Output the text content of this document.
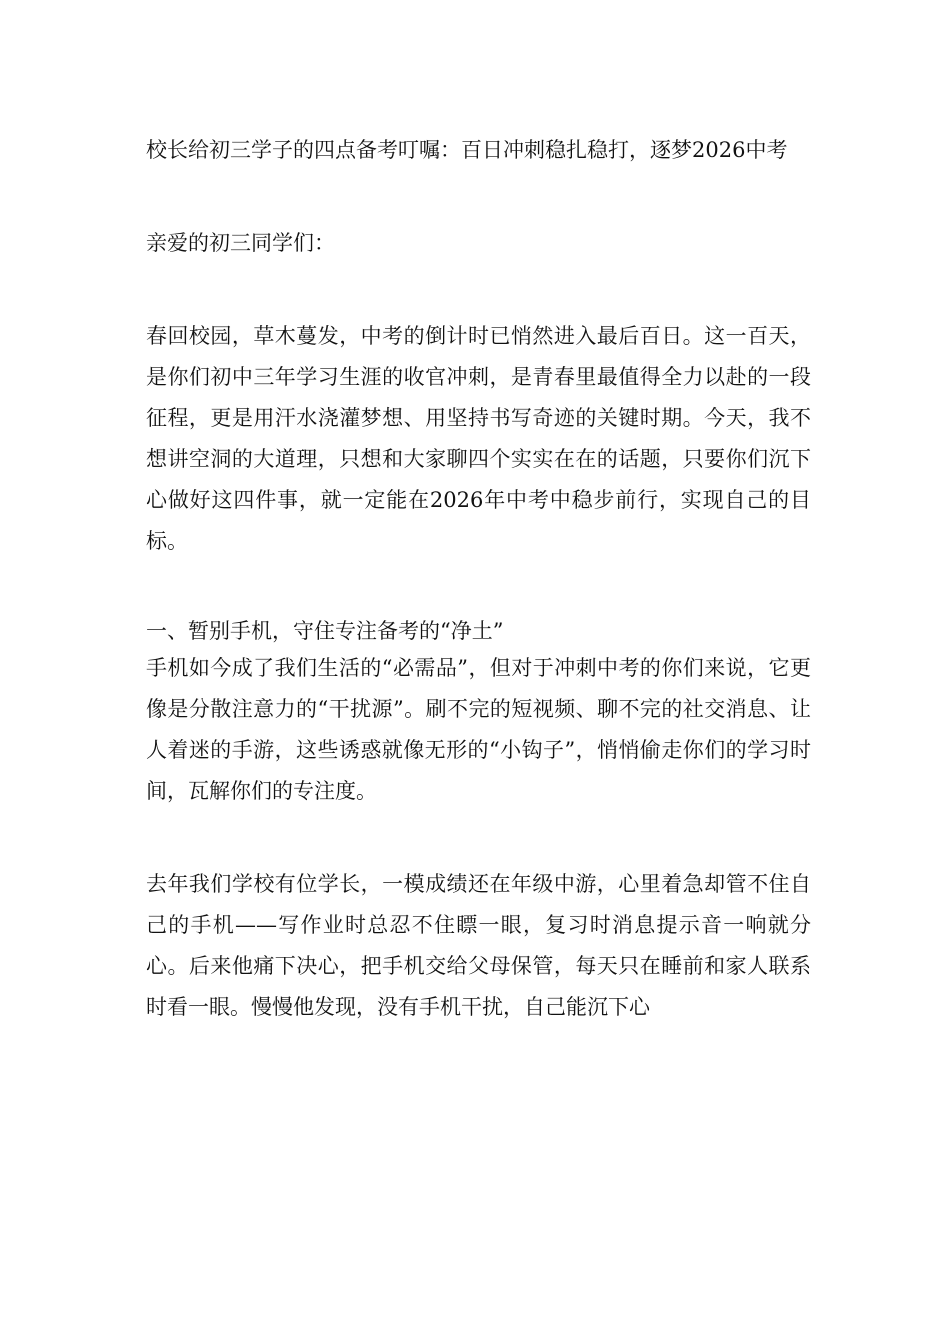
校长给初三学子的四点备考叮嘱：百日冲刺稳扎稳打，逐梦2026中考

亲爱的初三同学们：

春回校园，草木蔓发，中考的倒计时已悄然进入最后百日。这一百天，是你们初中三年学习生涯的收官冲刺，是青春里最值得全力以赴的一段征程，更是用汗水浇灌梦想、用坚持书写奇迹的关键时期。今天，我不想讲空洞的大道理，只想和大家聊四个实实在在的话题，只要你们沉下心做好这四件事，就一定能在2026年中考中稳步前行，实现自己的目标。

一、暂别手机，守住专注备考的“净土”

手机如今成了我们生活的“必需品”，但对于冲刺中考的你们来说，它更像是分散注意力的“干扰源”。刷不完的短视频、聊不完的社交消息、让人着迷的手游，这些诱惑就像无形的“小钩子”，悄悄偷走你们的学习时间，瓦解你们的专注度。

去年我们学校有位学长，一模成绩还在年级中游，心里着急却管不住自己的手机——写作业时总忍不住瞟一眼，复习时消息提示音一响就分心。后来他痛下决心，把手机交给父母保管，每天只在睡前和家人联系时看一眼。慢慢他发现，没有手机干扰，自己能沉下心
